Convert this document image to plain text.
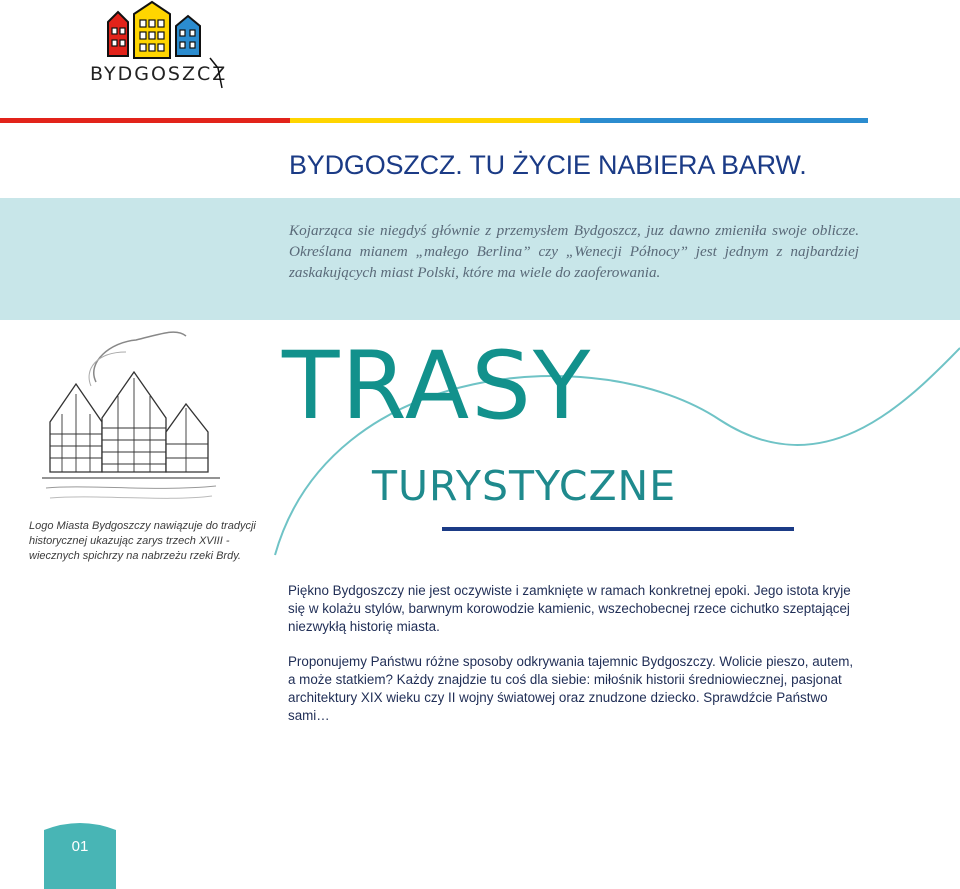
BYDGOSZCZ
BYDGOSZCZ. TU ŻYCIE NABIERA BARW.

Kojarząca sie niegdyś głównie z przemysłem Bydgoszcz, juz dawno zmieniła swoje oblicze. Określana mianem „małego Berlina” czy „Wenecji Północy” jest jednym z najbardziej zaskakujących miast Polski, które ma wiele do zaoferowania.

Logo Miasta Bydgoszczy nawiązuje do tradycji historycznej ukazując zarys trzech XVIII - wiecznych spichrzy na nabrzeżu rzeki Brdy.

TRASY
TURYSTYCZNE

Piękno Bydgoszczy nie jest oczywiste i zamknięte w ramach konkretnej epoki. Jego istota kryje się w kolażu stylów, barwnym korowodzie kamienic, wszechobecnej rzece cichutko szeptającej niezwykłą historię miasta.

Proponujemy Państwu różne sposoby odkrywania tajemnic Bydgoszczy. Wolicie pieszo, autem, a może statkiem? Każdy znajdzie tu coś dla siebie: miłośnik historii średniowiecznej, pasjonat architektury XIX wieku czy II wojny światowej oraz znudzone dziecko. Sprawdźcie Państwo sami…

01
